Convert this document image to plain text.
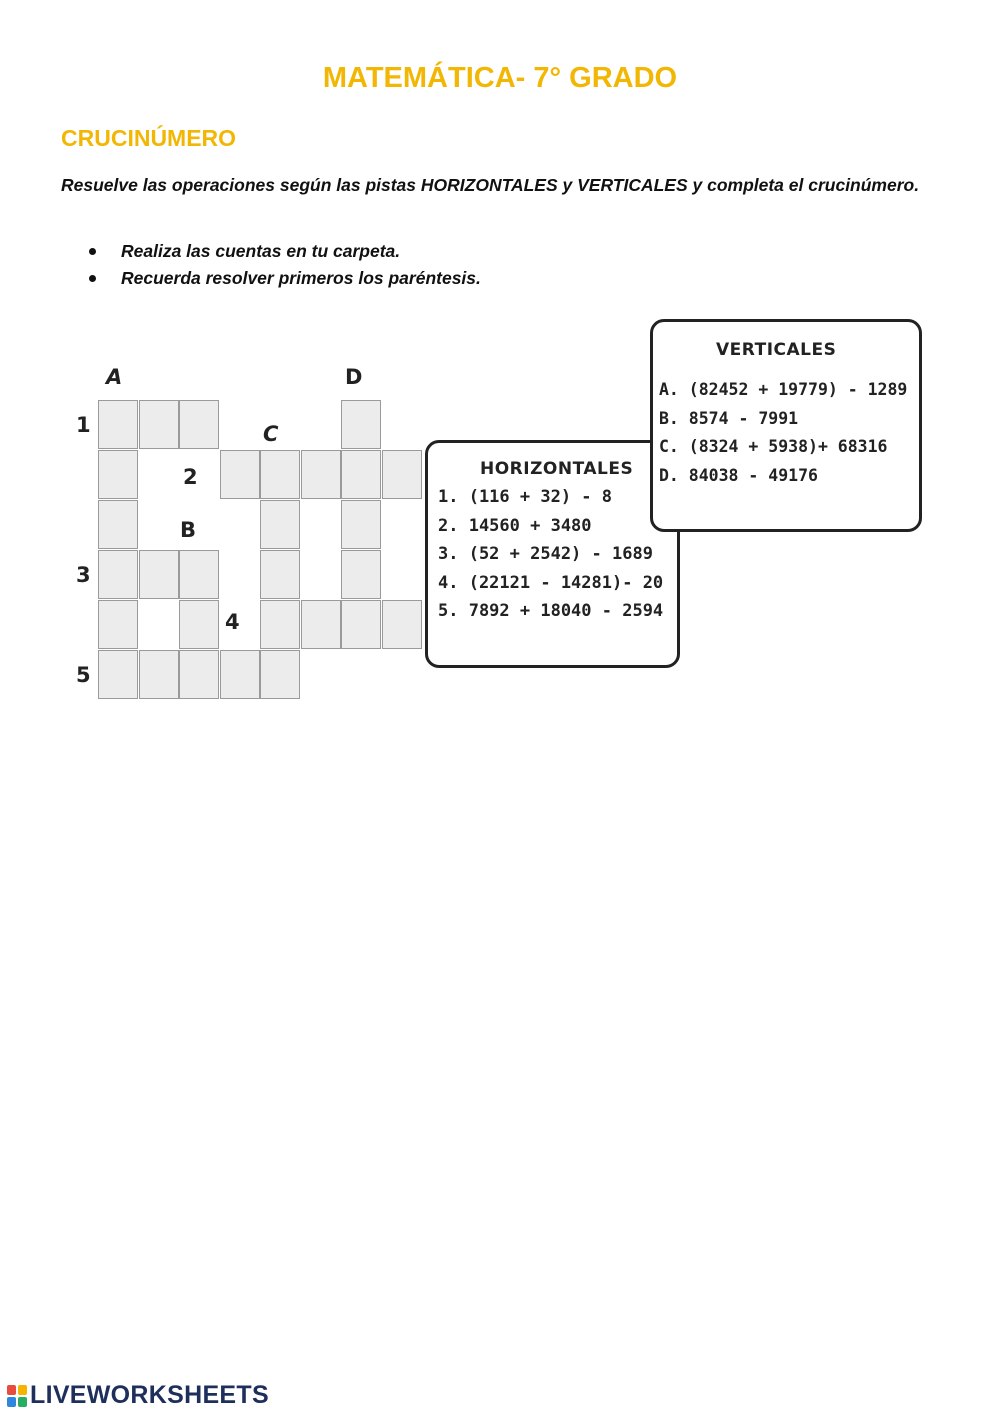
MATEMÁTICA- 7° GRADO
CRUCINÚMERO

Resuelve las operaciones según las pistas HORIZONTALES y VERTICALES y completa el crucinúmero.

Realiza las cuentas en tu carpeta.
Recuerda resolver primeros los paréntesis.
A	D
C
2
B
4
1
3
5
HORIZONTALES
1. (116 + 32) - 8
2. 14560 + 3480
3. (52 + 2542) - 1689
4. (22121 - 14281)- 20
5. 7892 + 18040 - 2594
VERTICALES
A. (82452 + 19779) - 1289
B. 8574 - 7991
C. (8324 + 5938)+ 68316
D. 84038 - 49176
LIVEWORKSHEETS
